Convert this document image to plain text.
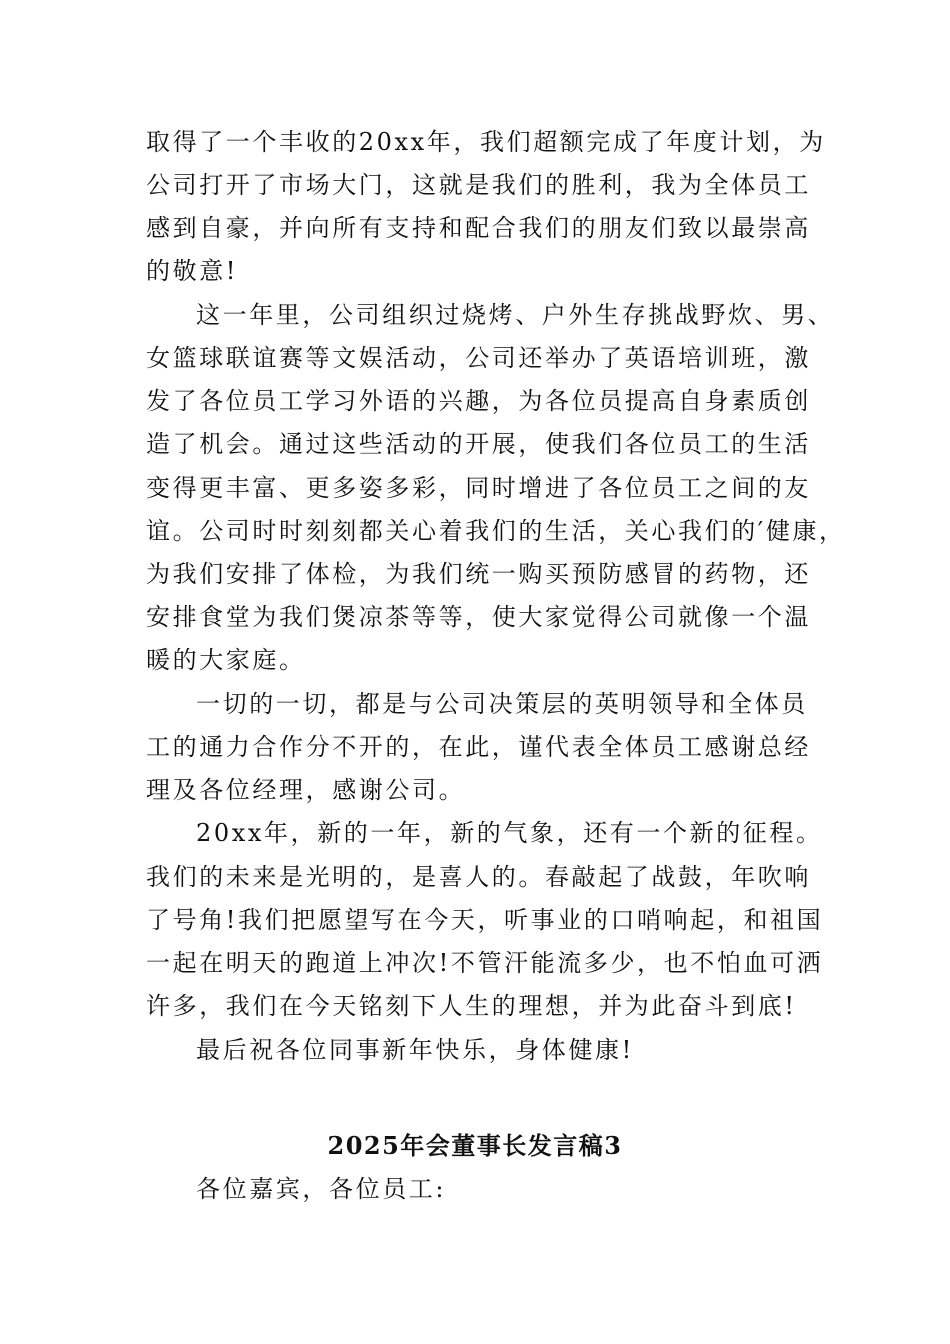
取得了一个丰收的20xx年，我们超额完成了年度计划，为
公司打开了市场大门，这就是我们的胜利，我为全体员工
感到自豪，并向所有支持和配合我们的朋友们致以最崇高
的敬意!
这一年里，公司组织过烧烤、户外生存挑战野炊、男、
女篮球联谊赛等文娱活动，公司还举办了英语培训班，激
发了各位员工学习外语的兴趣，为各位员提高自身素质创
造了机会。通过这些活动的开展，使我们各位员工的生活
变得更丰富、更多姿多彩，同时增进了各位员工之间的友
谊。公司时时刻刻都关心着我们的生活，关心我们的′健康，
为我们安排了体检，为我们统一购买预防感冒的药物，还
安排食堂为我们煲凉茶等等，使大家觉得公司就像一个温
暖的大家庭。
一切的一切，都是与公司决策层的英明领导和全体员
工的通力合作分不开的，在此，谨代表全体员工感谢总经
理及各位经理，感谢公司。
20xx年，新的一年，新的气象，还有一个新的征程。
我们的未来是光明的，是喜人的。春敲起了战鼓，年吹响
了号角!我们把愿望写在今天，听事业的口哨响起，和祖国
一起在明天的跑道上冲次!不管汗能流多少，也不怕血可洒
许多，我们在今天铭刻下人生的理想，并为此奋斗到底!
最后祝各位同事新年快乐，身体健康!
2025年会董事长发言稿3
各位嘉宾，各位员工:
